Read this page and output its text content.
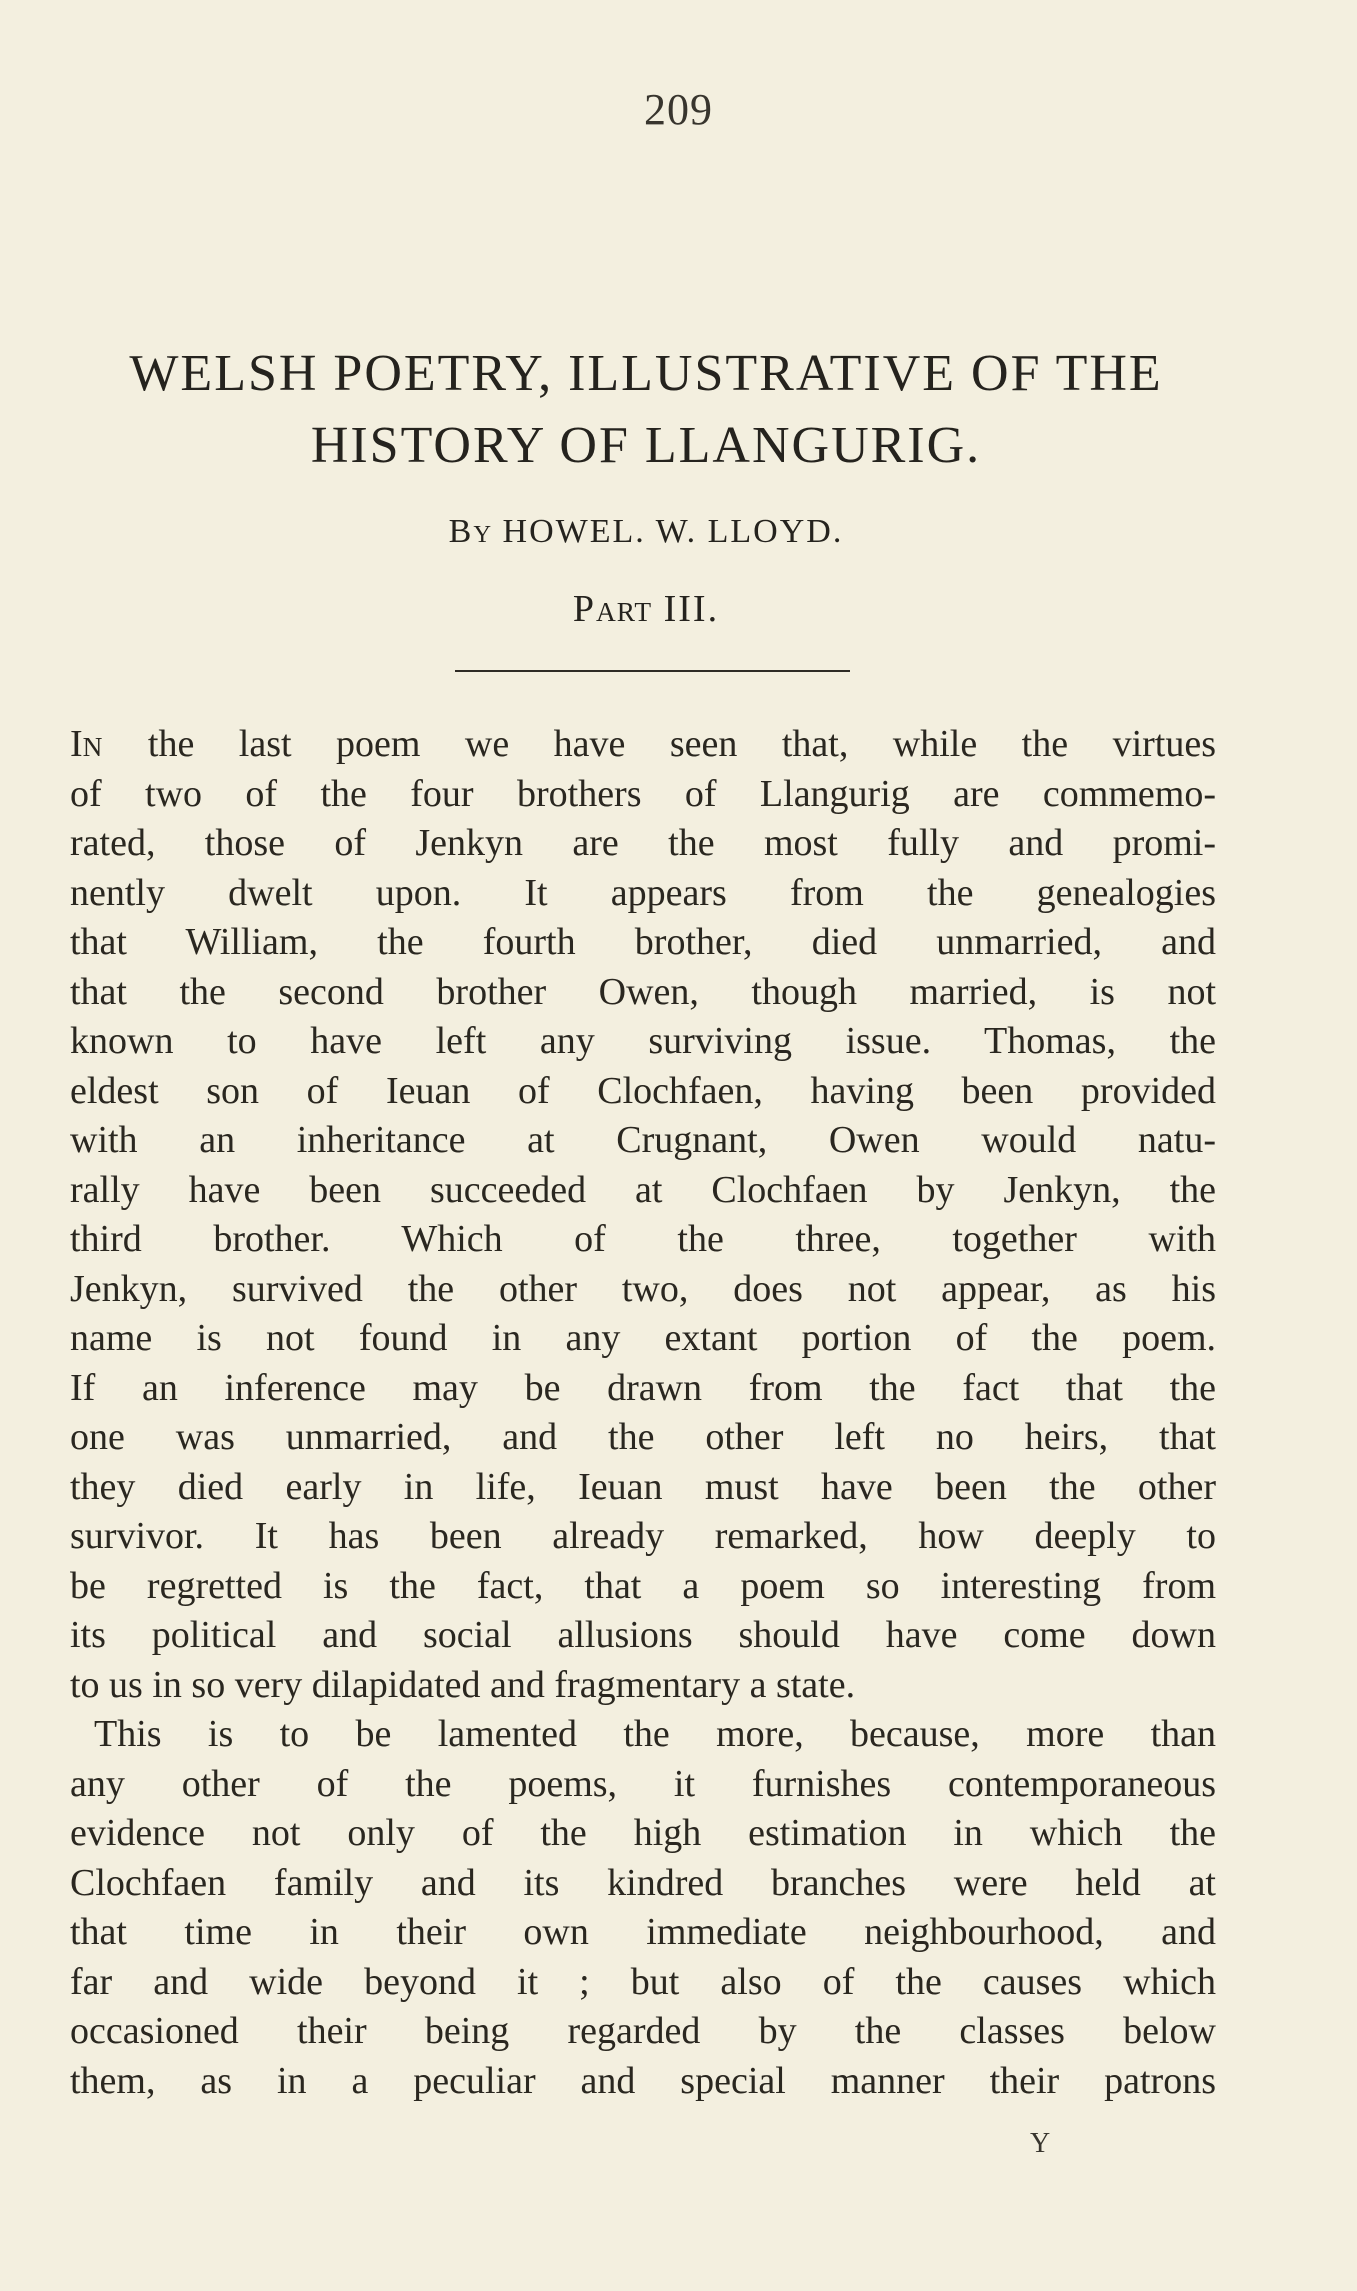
209
WELSH POETRY, ILLUSTRATIVE OF THE
HISTORY OF LLANGURIG.
BY HOWEL. W. LLOYD.
PART III.
IN the last poem we have seen that, while the virtues
of two of the four brothers of Llangurig are commemo-
rated, those of Jenkyn are the most fully and promi-
nently dwelt upon. It appears from the genealogies
that William, the fourth brother, died unmarried, and
that the second brother Owen, though married, is not
known to have left any surviving issue. Thomas, the
eldest son of Ieuan of Clochfaen, having been provided
with an inheritance at Crugnant, Owen would natu-
rally have been succeeded at Clochfaen by Jenkyn, the
third brother. Which of the three, together with
Jenkyn, survived the other two, does not appear, as his
name is not found in any extant portion of the poem.
If an inference may be drawn from the fact that the
one was unmarried, and the other left no heirs, that
they died early in life, Ieuan must have been the other
survivor. It has been already remarked, how deeply to
be regretted is the fact, that a poem so interesting from
its political and social allusions should have come down
to us in so very dilapidated and fragmentary a state.
This is to be lamented the more, because, more than
any other of the poems, it furnishes contemporaneous
evidence not only of the high estimation in which the
Clochfaen family and its kindred branches were held at
that time in their own immediate neighbourhood, and
far and wide beyond it ; but also of the causes which
occasioned their being regarded by the classes below
them, as in a peculiar and special manner their patrons
Y
